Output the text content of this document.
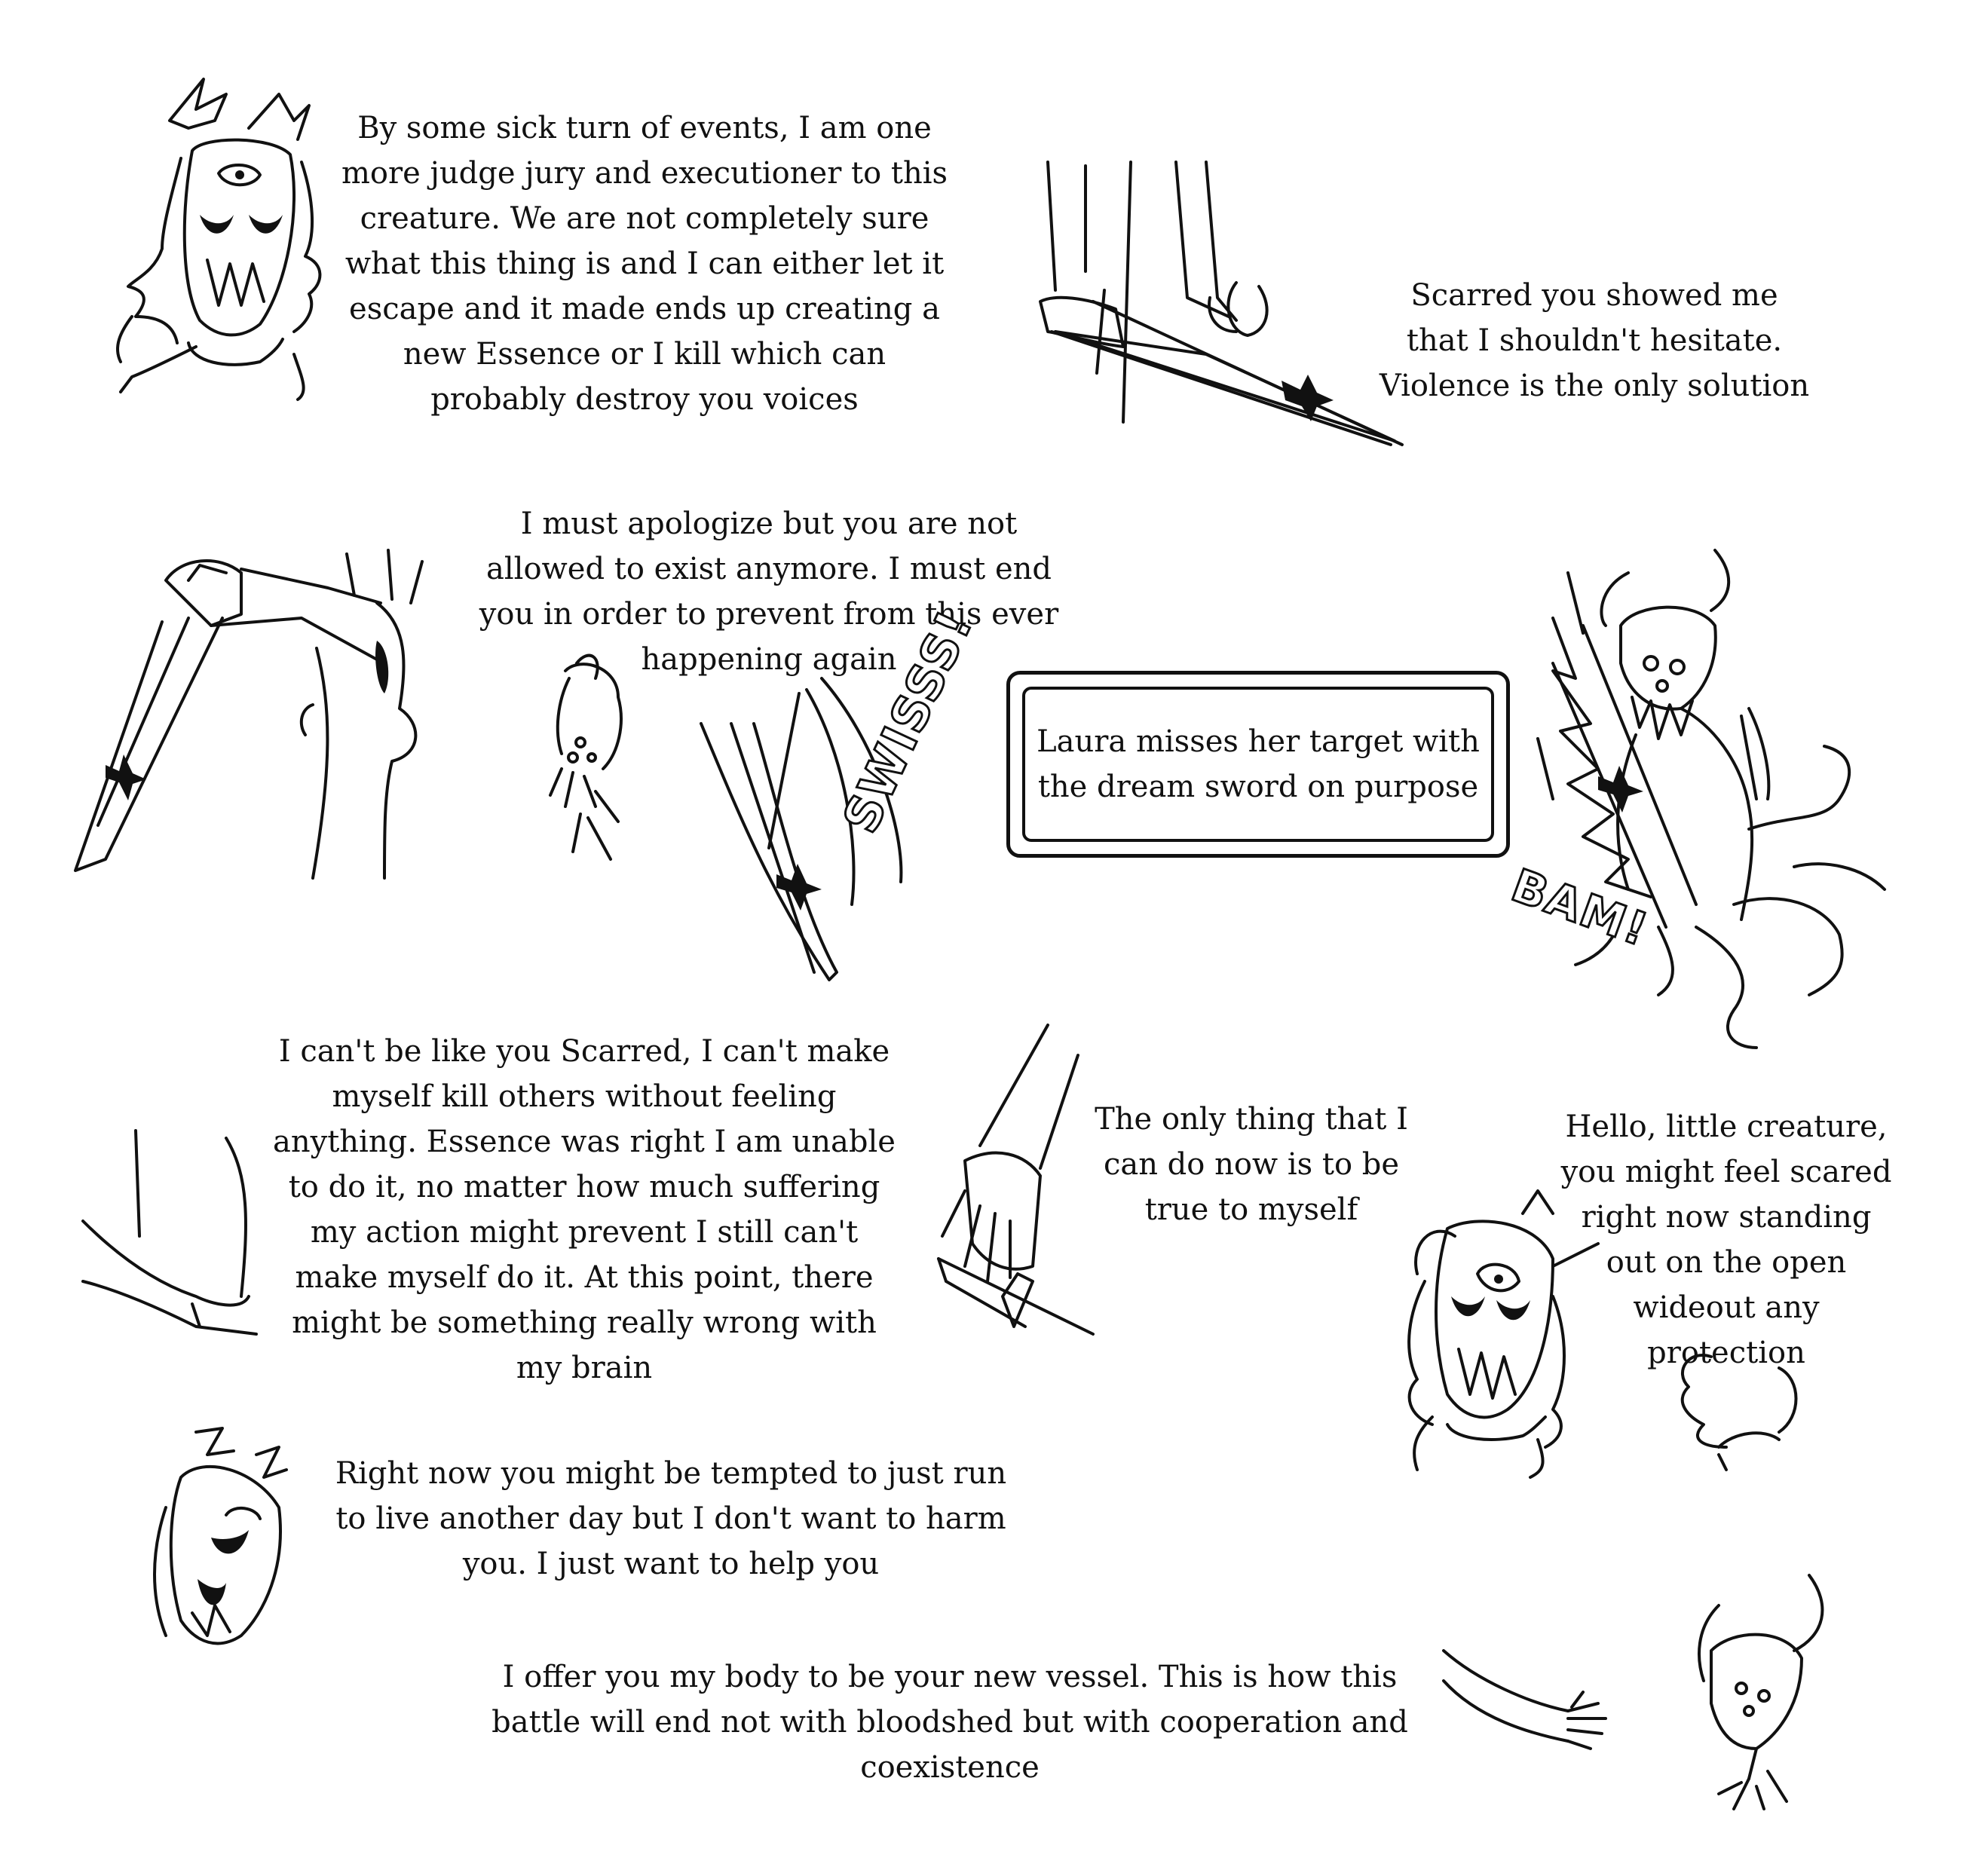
By some sick turn of events, I am one more judge jury and executioner to this creature. We are not completely sure what this thing is and I can either let it escape and it made ends up creating a new Essence or I kill which can probably destroy you voices
Scarred you showed me that I shouldn't hesitate. Violence is the only solution
I must apologize but you are not allowed to exist anymore. I must end you in order to prevent from this ever happening again
Laura misses her target with the dream sword on purpose
SWISSS!
BAM!
I can't be like you Scarred, I can't make myself kill others without feeling anything. Essence was right I am unable to do it, no matter how much suffering my action might prevent I still can't make myself do it. At this point, there might be something really wrong with my brain
The only thing that I can do now is to be true to myself
Hello, little creature, you might feel scared right now standing out on the open wideout any protection
Right now you might be tempted to just run to live another day but I don't want to harm you. I just want to help you
I offer you my body to be your new vessel. This is how this battle will end not with bloodshed but with cooperation and coexistence
